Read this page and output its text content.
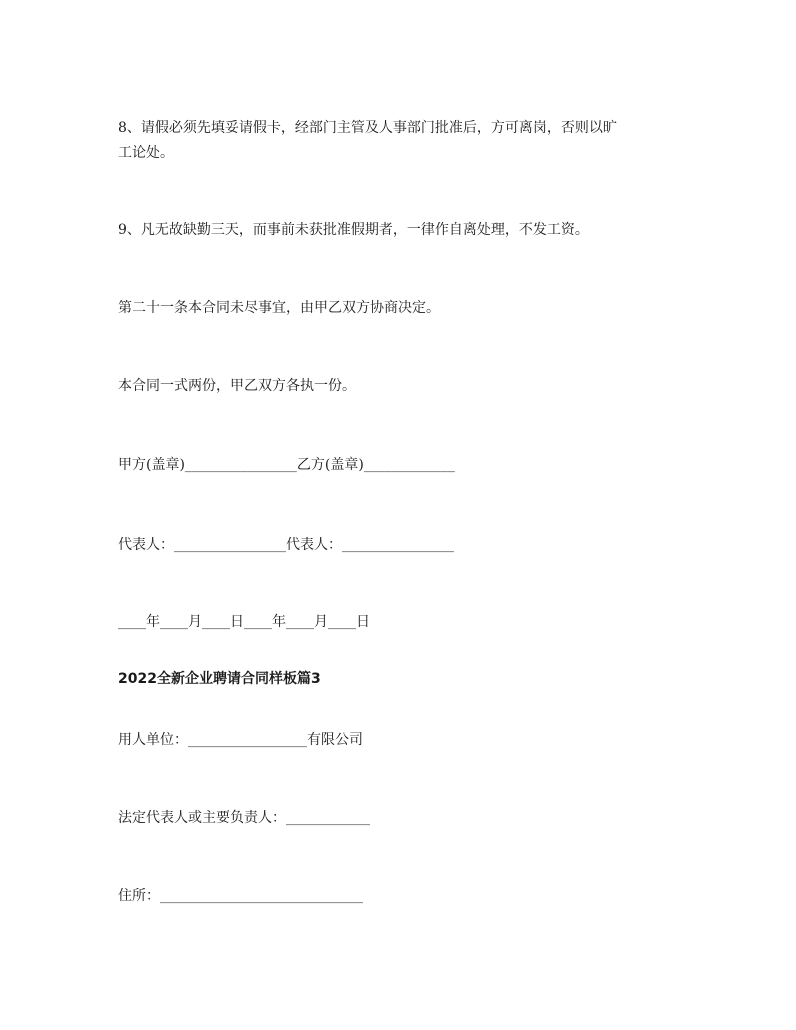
8、请假必须先填妥请假卡，经部门主管及人事部门批准后，方可离岗，否则以旷

工论处。

9、凡无故缺勤三天，而事前未获批准假期者，一律作自离处理，不发工资。

第二十一条本合同未尽事宜，由甲乙双方协商决定。

本合同一式两份，甲乙双方各执一份。

甲方(盖章)________________乙方(盖章)_____________

代表人：________________代表人：________________

____年____月____日____年____月____日

2022全新企业聘请合同样板篇3

用人单位：_________________有限公司

法定代表人或主要负责人：____________

住所：_____________________________
